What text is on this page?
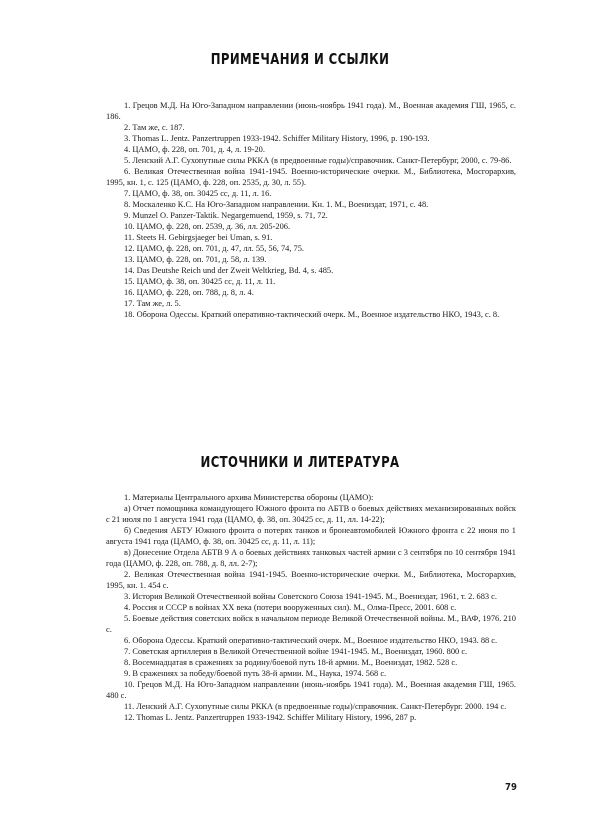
ПРИМЕЧАНИЯ И ССЫЛКИ

1. Грецов М.Д. На Юго-Западном направлении (июнь-ноябрь 1941 года). М., Военная академия ГШ, 1965, с. 186.

2. Там же, с. 187.

3. Thomas L. Jentz. Panzertruppen 1933-1942. Schiffer Military History, 1996, p. 190-193.

4. ЦАМО, ф. 228, оп. 701, д. 4, л. 19-20.

5. Ленский А.Г. Сухопутные силы РККА (в предвоенные годы)/справочник. Санкт-Петербург, 2000, с. 79-86.

6. Великая Отечественная война 1941-1945. Военно-исторические очерки. М., Библиотека, Мосгорархив, 1995, кн. 1, с. 125 (ЦАМО, ф. 228, оп. 2535, д. 30, л. 55).

7. ЦАМО, ф. 38, оп. 30425 сс, д. 11, л. 16.

8. Москаленко К.С. На Юго-Западном направлении. Кн. 1. М., Воениздат, 1971, с. 48.

9. Munzel O. Panzer-Taktik. Negargemuend, 1959, s. 71, 72.

10. ЦАМО, ф. 228, оп. 2539, д. 36, лл. 205-206.

11. Steets H. Gebirgsjaeger bei Uman, s. 91.

12. ЦАМО, ф. 228, оп. 701, д. 47, лл. 55, 56, 74, 75.

13. ЦАМО, ф. 228, оп. 701, д. 58, л. 139.

14. Das Deutshe Reich und der Zweit Weltkrieg, Bd. 4, s. 485.

15. ЦАМО, ф. 38, оп. 30425 сс, д. 11, л. 11.

16. ЦАМО, ф. 228, оп. 788, д. 8, л. 4.

17. Там же, л. 5.

18. Оборона Одессы. Краткий оперативно-тактический очерк. М., Военное издательство НКО, 1943, с. 8.

ИСТОЧНИКИ И ЛИТЕРАТУРА

1. Материалы Центрального архива Министерства обороны (ЦАМО):

а) Отчет помощника командующего Южного фронта по АБТВ о боевых действиях механизированных войск с 21 июля по 1 августа 1941 года (ЦАМО, ф. 38, оп. 30425 сс, д. 11, лл. 14-22);

б) Сведения АБТУ Южного фронта о потерях танков и бронеавтомобилей Южного фронта с 22 июня по 1 августа 1941 года (ЦАМО, ф. 38, оп. 30425 сс, д. 11, л. 11);

в) Донесение Отдела АБТВ 9 А о боевых действиях танковых частей армии с 3 сентября по 10 сентября 1941 года (ЦАМО, ф. 228, оп. 788, д. 8, лл. 2-7);

2. Великая Отечественная война 1941-1945. Военно-исторические очерки. М., Библиотека, Мосгорархив, 1995, кн. 1. 454 с.

3. История Великой Отечественной войны Советского Союза 1941-1945. М., Воениздат, 1961, т. 2. 683 с.

4. Россия и СССР в войнах XX века (потери вооруженных сил). М., Олма-Пресс, 2001. 608 с.

5. Боевые действия советских войск в начальном периоде Великой Отечественной войны. М., ВАФ, 1976. 210 с.

6. Оборона Одессы. Краткий оперативно-тактический очерк. М., Военное издательство НКО, 1943. 88 с.

7. Советская артиллерия в Великой Отечественной войне 1941-1945. М., Воениздат, 1960. 800 с.

8. Восемнадцатая в сражениях за родину/боевой путь 18-й армии. М., Воениздат, 1982. 528 с.

9. В сражениях за победу/боевой путь 38-й армии. М., Наука, 1974. 568 с.

10. Грецов М.Д. На Юго-Западном направлении (июнь-ноябрь 1941 года). М., Военная академия ГШ, 1965. 480 с.

11. Ленский А.Г. Сухопутные силы РККА (в предвоенные годы)/справочник. Санкт-Петербург. 2000. 194 с.

12. Thomas L. Jentz. Panzertruppen 1933-1942. Schiffer Military History, 1996, 287 p.

79
